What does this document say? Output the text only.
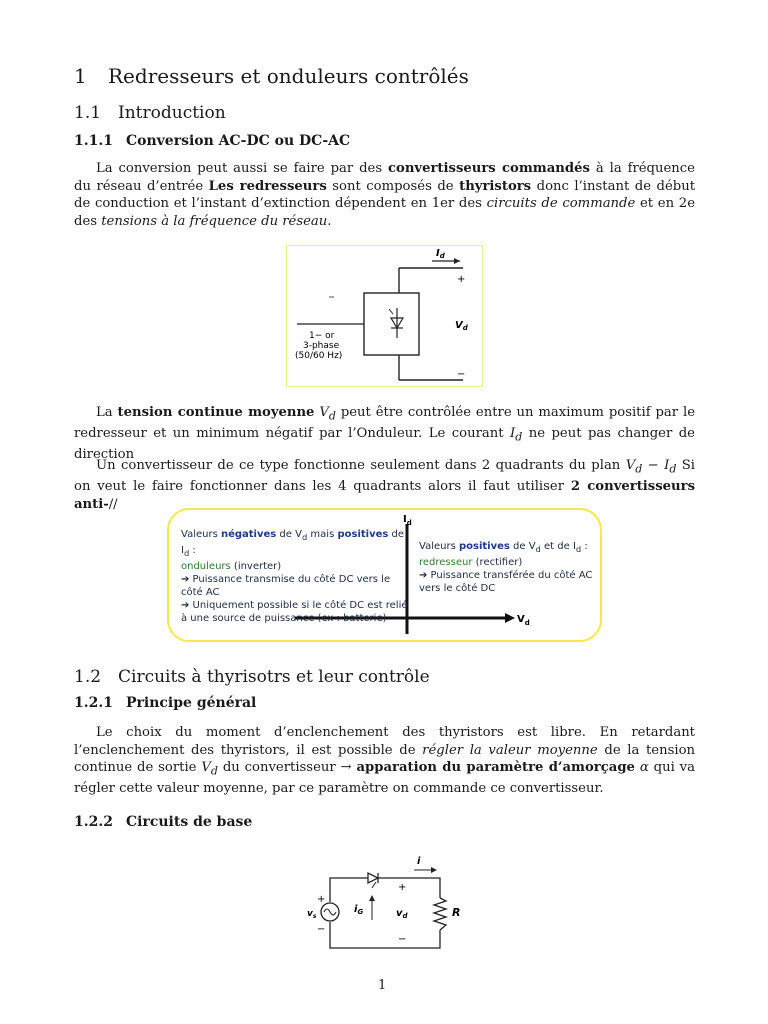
1 Redresseurs et onduleurs contrôlés
1.1 Introduction
1.1.1 Conversion AC-DC ou DC-AC

La conversion peut aussi se faire par des convertisseurs commandés à la fréquence du réseau d’entrée Les redresseurs sont composés de thyristors donc l’instant de début de conduction et l’instant d’extinction dépendent en 1er des circuits de commande et en 2e des tensions à la fréquence du réseau.

$I_d$
+
−
$V_d$
1− or
3-phase
(50/60 Hz)

La tension continue moyenne $V_d$ peut être contrôlée entre un maximum positif par le redresseur et un minimum négatif par l’Onduleur. Le courant $I_d$ ne peut pas changer de direction

Un convertisseur de ce type fonctionne seulement dans 2 quadrants du plan $V_d - I_d$ Si on veut le faire fonctionner dans les 4 quadrants alors il faut utiliser 2 convertisseurs anti-//

$I_d$
$V_d$
Valeurs négatives de $V_d$ mais positives de $I_d$ :
onduleurs (inverter)
➔ Puissance transmise du côté DC vers le côté AC
➔ Uniquement possible si le côté DC est relié à une source de puissance (ex : batterie)
Valeurs positives de $V_d$ et de $I_d$ :
redresseur (rectifier)
➔ Puissance transférée du côté AC vers le côté DC
1.2 Circuits à thyrisotrs et leur contrôle
1.2.1 Principe général

Le choix du moment d’enclenchement des thyristors est libre. En retardant l’enclenchement des thyristors, il est possible de régler la valeur moyenne de la tension continue de sortie $V_d$ du convertisseur → apparation du paramètre d’amorçage α qui va régler cette valeur moyenne, par ce paramètre on commande ce convertisseur.

1.2.2 Circuits de base
i
$i_G$
$v_s$	$v_d$	R
+
−
+
−
1
